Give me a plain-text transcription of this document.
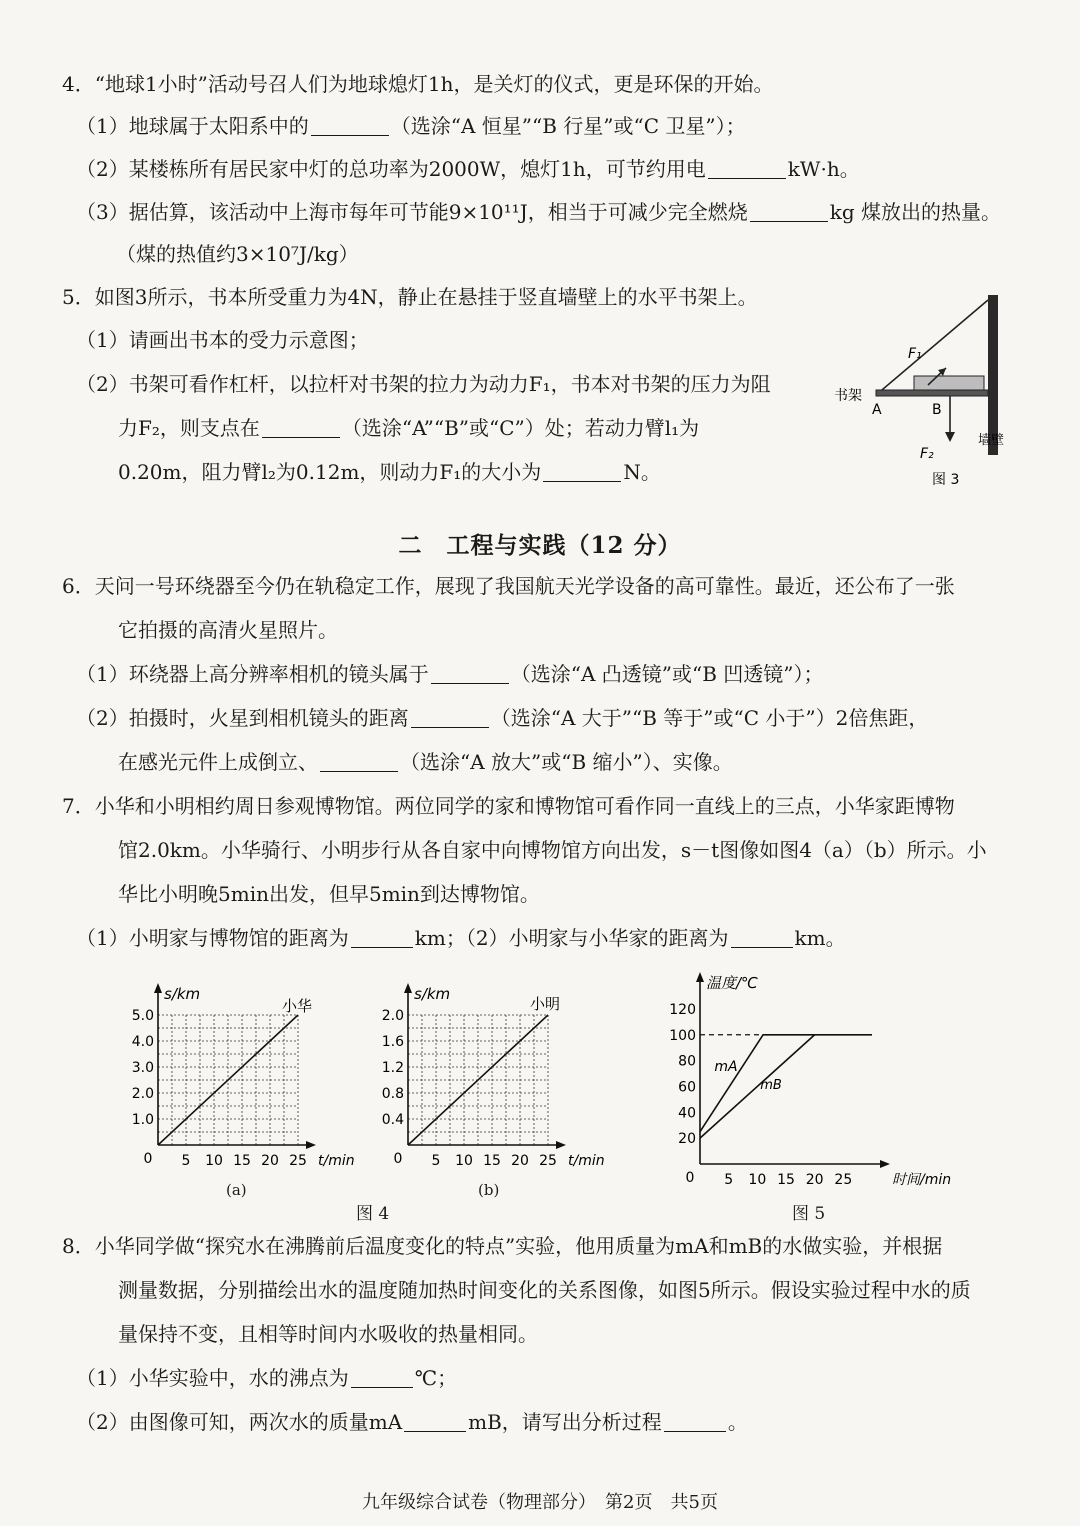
4．“地球1小时”活动号召人们为地球熄灯1h，是关灯的仪式，更是环保的开始。
（1）地球属于太阳系中的	（选涂“A 恒星”“B 行星”或“C 卫星”）；
（2）某楼栋所有居民家中灯的总功率为2000W，熄灯1h，可节约用电	kW·h。
（3）据估算，该活动中上海市每年可节能9×10¹¹J，相当于可减少完全燃烧	kg 煤放出的热量。
（煤的热值约3×10⁷J/kg）
5．如图3所示，书本所受重力为4N，静止在悬挂于竖直墙壁上的水平书架上。
（1）请画出书本的受力示意图；
（2）书架可看作杠杆，以拉杆对书架的拉力为动力F₁，书本对书架的压力为阻
力F₂，则支点在	（选涂“A”“B”或“C”）处；若动力臂l₁为
0.20m，阻力臂l₂为0.12m，则动力F₁的大小为	N。
书架
A	B
F₁
F₂
墙壁
图 3
二　工程与实践（12 分）
6．天问一号环绕器至今仍在轨稳定工作，展现了我国航天光学设备的高可靠性。最近，还公布了一张
它拍摄的高清火星照片。
（1）环绕器上高分辨率相机的镜头属于	（选涂“A 凸透镜”或“B 凹透镜”）；
（2）拍摄时，火星到相机镜头的距离	（选涂“A 大于”“B 等于”或“C 小于”）2倍焦距，
在感光元件上成倒立、	（选涂“A 放大”或“B 缩小”）、实像。
7．小华和小明相约周日参观博物馆。两位同学的家和博物馆可看作同一直线上的三点，小华家距博物
馆2.0km。小华骑行、小明步行从各自家中向博物馆方向出发，s－t图像如图4（a）（b）所示。小
华比小明晚5min出发，但早5min到达博物馆。
（1）小明家与博物馆的距离为	km；（2）小明家与小华家的距离为	km。
1.0
2.0
3.0
4.0
5.0
5 10 15 20 25
0
s/km
t/min
小华
0.4
0.8
1.2
1.6
2.0
5 10 15 20 25
0
s/km
t/min
小明
20
40
60
80
100
120
5 10 15 20 25
0
温度/℃
时间/min
mA
mB
(a)	(b)
图 4	图 5
8．小华同学做“探究水在沸腾前后温度变化的特点”实验，他用质量为mA和mB的水做实验，并根据
测量数据，分别描绘出水的温度随加热时间变化的关系图像，如图5所示。假设实验过程中水的质
量保持不变，且相等时间内水吸收的热量相同。
（1）小华实验中，水的沸点为	℃；
（2）由图像可知，两次水的质量mA	mB，请写出分析过程	。
九年级综合试卷（物理部分）　第2页　共5页
